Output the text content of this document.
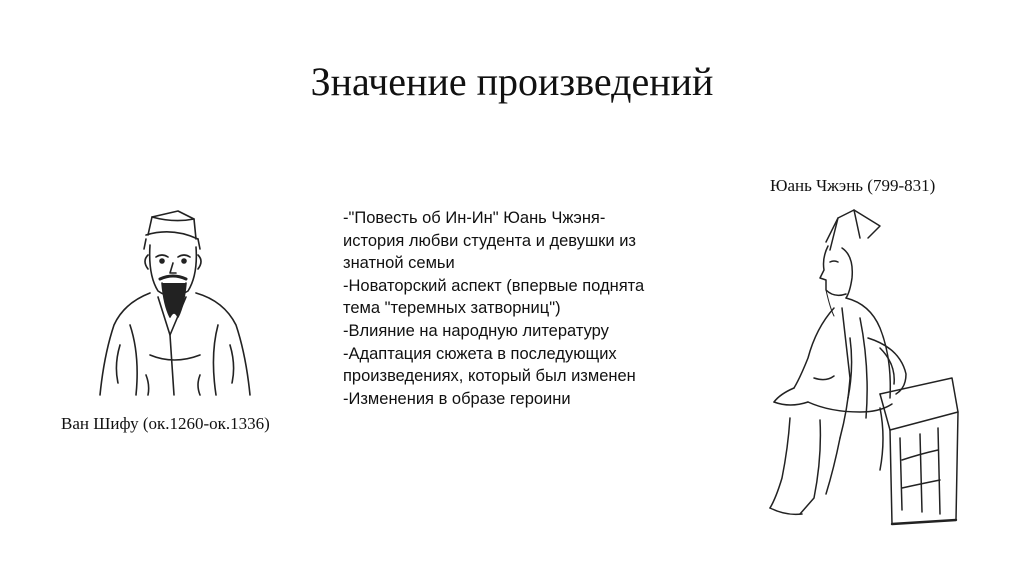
Значение произведений
Ван Шифу (ок.1260-ок.1336)
-"Повесть об Ин-Ин" Юань Чжэня-
история любви студента и девушки из
знатной семьи
-Новаторский аспект (впервые поднята
тема "теремных затворниц")
-Влияние на народную литературу
-Адаптация сюжета в последующих
произведениях, который был изменен
-Изменения в образе героини
Юань Чжэнь (799-831)
